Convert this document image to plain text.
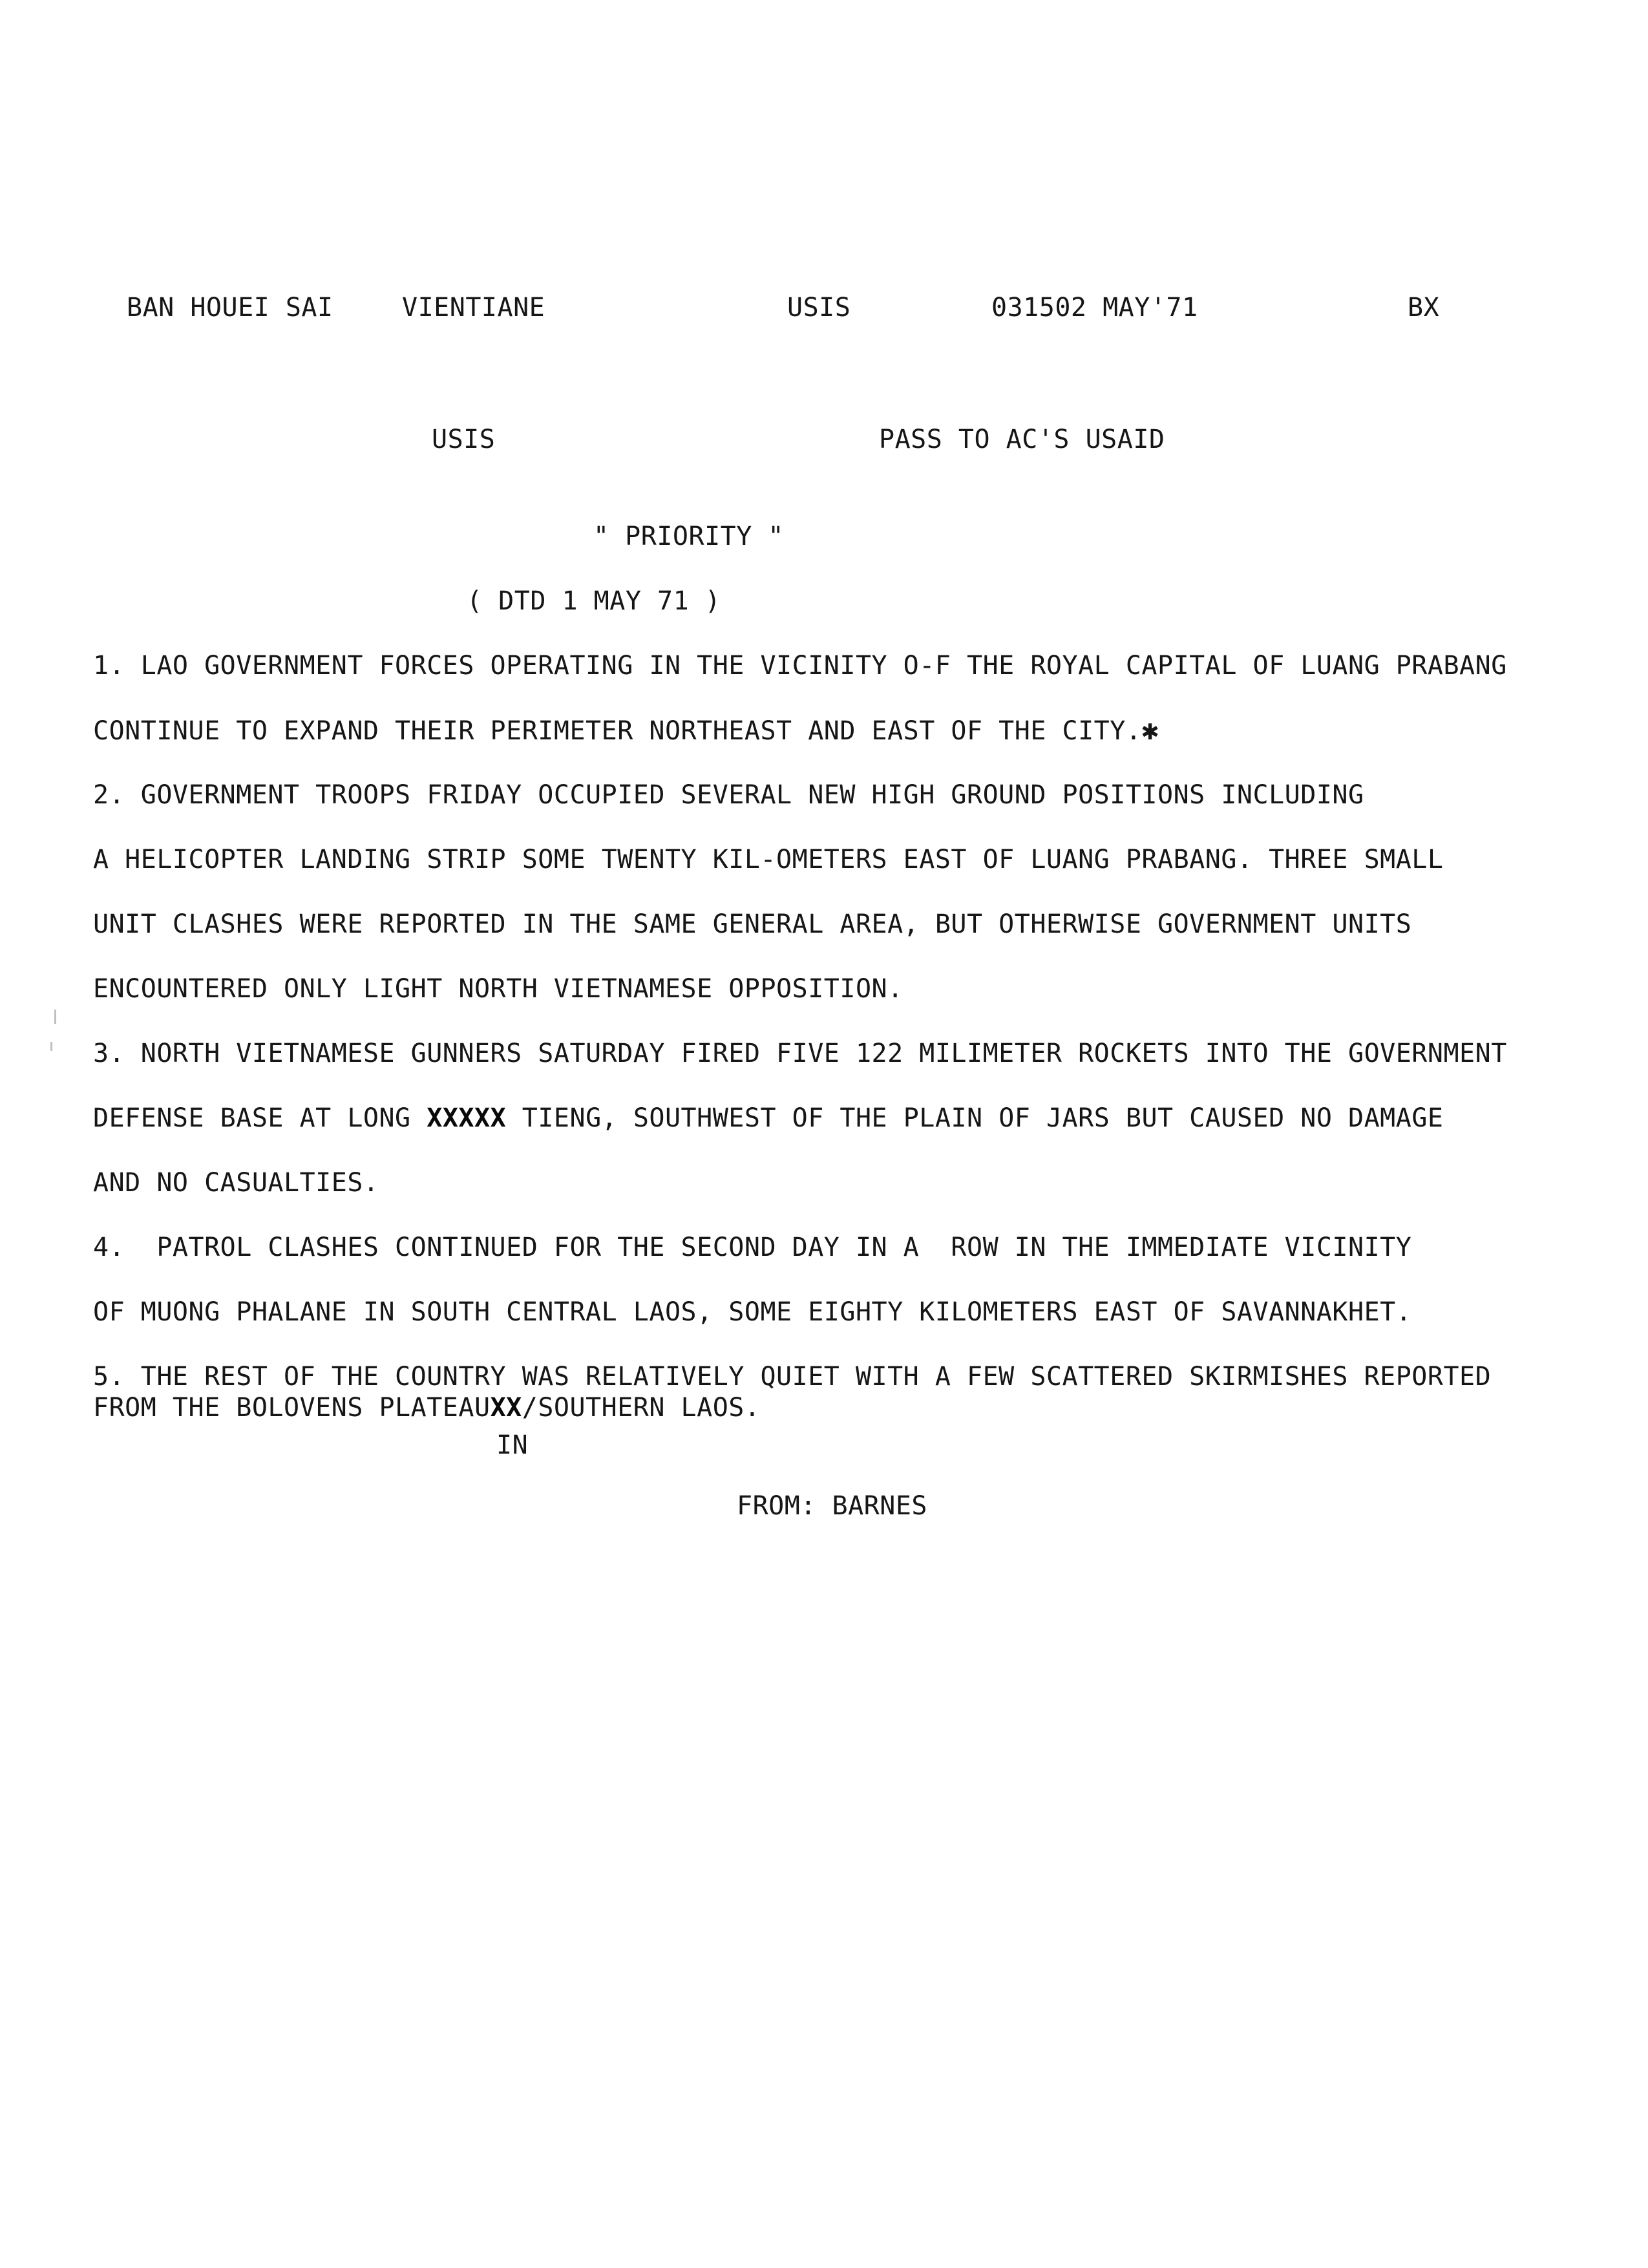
BAN HOUEI SAI	VIENTIANE	USIS	031502 MAY'71	BX
USIS	PASS TO AC'S USAID
" PRIORITY "
( DTD 1 MAY 71 )
1. LAO GOVERNMENT FORCES OPERATING IN THE VICINITY O-F THE ROYAL CAPITAL OF LUANG PRABANG
CONTINUE TO EXPAND THEIR PERIMETER NORTHEAST AND EAST OF THE CITY.✱
2. GOVERNMENT TROOPS FRIDAY OCCUPIED SEVERAL NEW HIGH GROUND POSITIONS INCLUDING
A HELICOPTER LANDING STRIP SOME TWENTY KIL-OMETERS EAST OF LUANG PRABANG. THREE SMALL
UNIT CLASHES WERE REPORTED IN THE SAME GENERAL AREA, BUT OTHERWISE GOVERNMENT UNITS
ENCOUNTERED ONLY LIGHT NORTH VIETNAMESE OPPOSITION.
3. NORTH VIETNAMESE GUNNERS SATURDAY FIRED FIVE 122 MILIMETER ROCKETS INTO THE GOVERNMENT
DEFENSE BASE AT LONG XXXXX TIENG, SOUTHWEST OF THE PLAIN OF JARS BUT CAUSED NO DAMAGE
AND NO CASUALTIES.
4.  PATROL CLASHES CONTINUED FOR THE SECOND DAY IN A  ROW IN THE IMMEDIATE VICINITY
OF MUONG PHALANE IN SOUTH CENTRAL LAOS, SOME EIGHTY KILOMETERS EAST OF SAVANNAKHET.
5. THE REST OF THE COUNTRY WAS RELATIVELY QUIET WITH A FEW SCATTERED SKIRMISHES REPORTED
FROM THE BOLOVENS PLATEAUXX/SOUTHERN LAOS.
IN
FROM: BARNES
